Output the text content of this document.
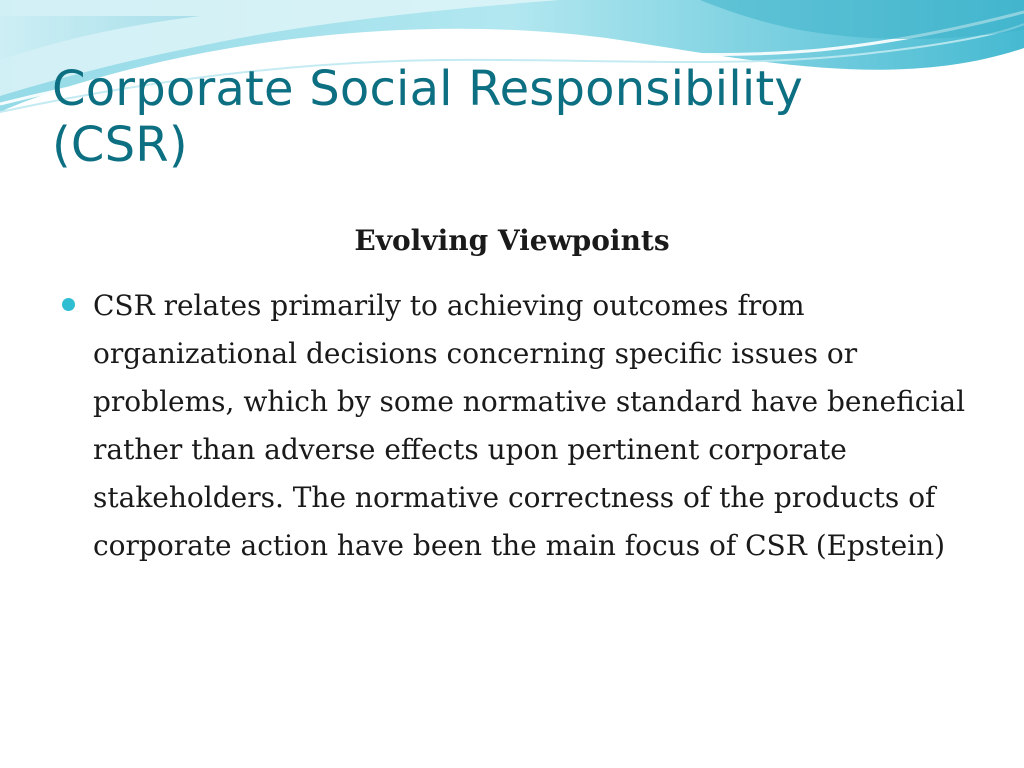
Corporate Social Responsibility (CSR)
Evolving Viewpoints
CSR relates primarily to achieving outcomes from organizational decisions concerning specific issues or problems, which by some normative standard have beneficial rather than adverse effects upon pertinent corporate stakeholders. The normative correctness of the products of corporate action have been the main focus of CSR (Epstein)
